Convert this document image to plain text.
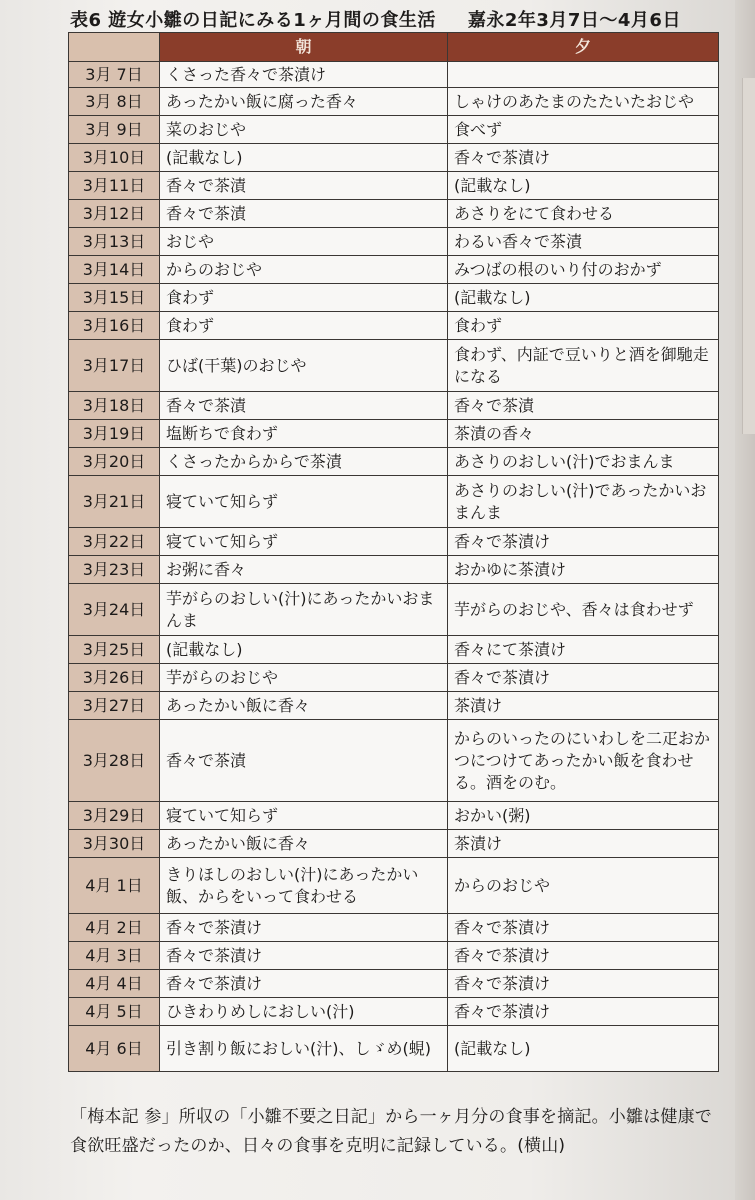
表6 遊女小雛の日記にみる1ヶ月間の食生活 嘉永2年3月7日～4月6日
	朝	夕
3月 7日	くさった香々で茶漬け	
3月 8日	あったかい飯に腐った香々	しゃけのあたまのたたいたおじや
3月 9日	菜のおじや	食べず
3月10日	(記載なし)	香々で茶漬け
3月11日	香々で茶漬	(記載なし)
3月12日	香々で茶漬	あさりをにて食わせる
3月13日	おじや	わるい香々で茶漬
3月14日	からのおじや	みつばの根のいり付のおかず
3月15日	食わず	(記載なし)
3月16日	食わず	食わず
3月17日	ひば(干葉)のおじや	食わず、内証で豆いりと酒を御馳走になる
3月18日	香々で茶漬	香々で茶漬
3月19日	塩断ちで食わず	茶漬の香々
3月20日	くさったからからで茶漬	あさりのおしい(汁)でおまんま
3月21日	寝ていて知らず	あさりのおしい(汁)であったかいおまんま
3月22日	寝ていて知らず	香々で茶漬け
3月23日	お粥に香々	おかゆに茶漬け
3月24日	芋がらのおしい(汁)にあったかいおまんま	芋がらのおじや、香々は食わせず
3月25日	(記載なし)	香々にて茶漬け
3月26日	芋がらのおじや	香々で茶漬け
3月27日	あったかい飯に香々	茶漬け
3月28日	香々で茶漬	からのいったのにいわしを二疋おかつにつけてあったかい飯を食わせる。酒をのむ。
3月29日	寝ていて知らず	おかい(粥)
3月30日	あったかい飯に香々	茶漬け
4月 1日	きりほしのおしい(汁)にあったかい飯、からをいって食わせる	からのおじや
4月 2日	香々で茶漬け	香々で茶漬け
4月 3日	香々で茶漬け	香々で茶漬け
4月 4日	香々で茶漬け	香々で茶漬け
4月 5日	ひきわりめしにおしい(汁)	香々で茶漬け
4月 6日	引き割り飯におしい(汁)、しゞめ(蜆)	(記載なし)
「梅本記 参」所収の「小雛不要之日記」から一ヶ月分の食事を摘記。小雛は健康で食欲旺盛だったのか、日々の食事を克明に記録している。(横山)
